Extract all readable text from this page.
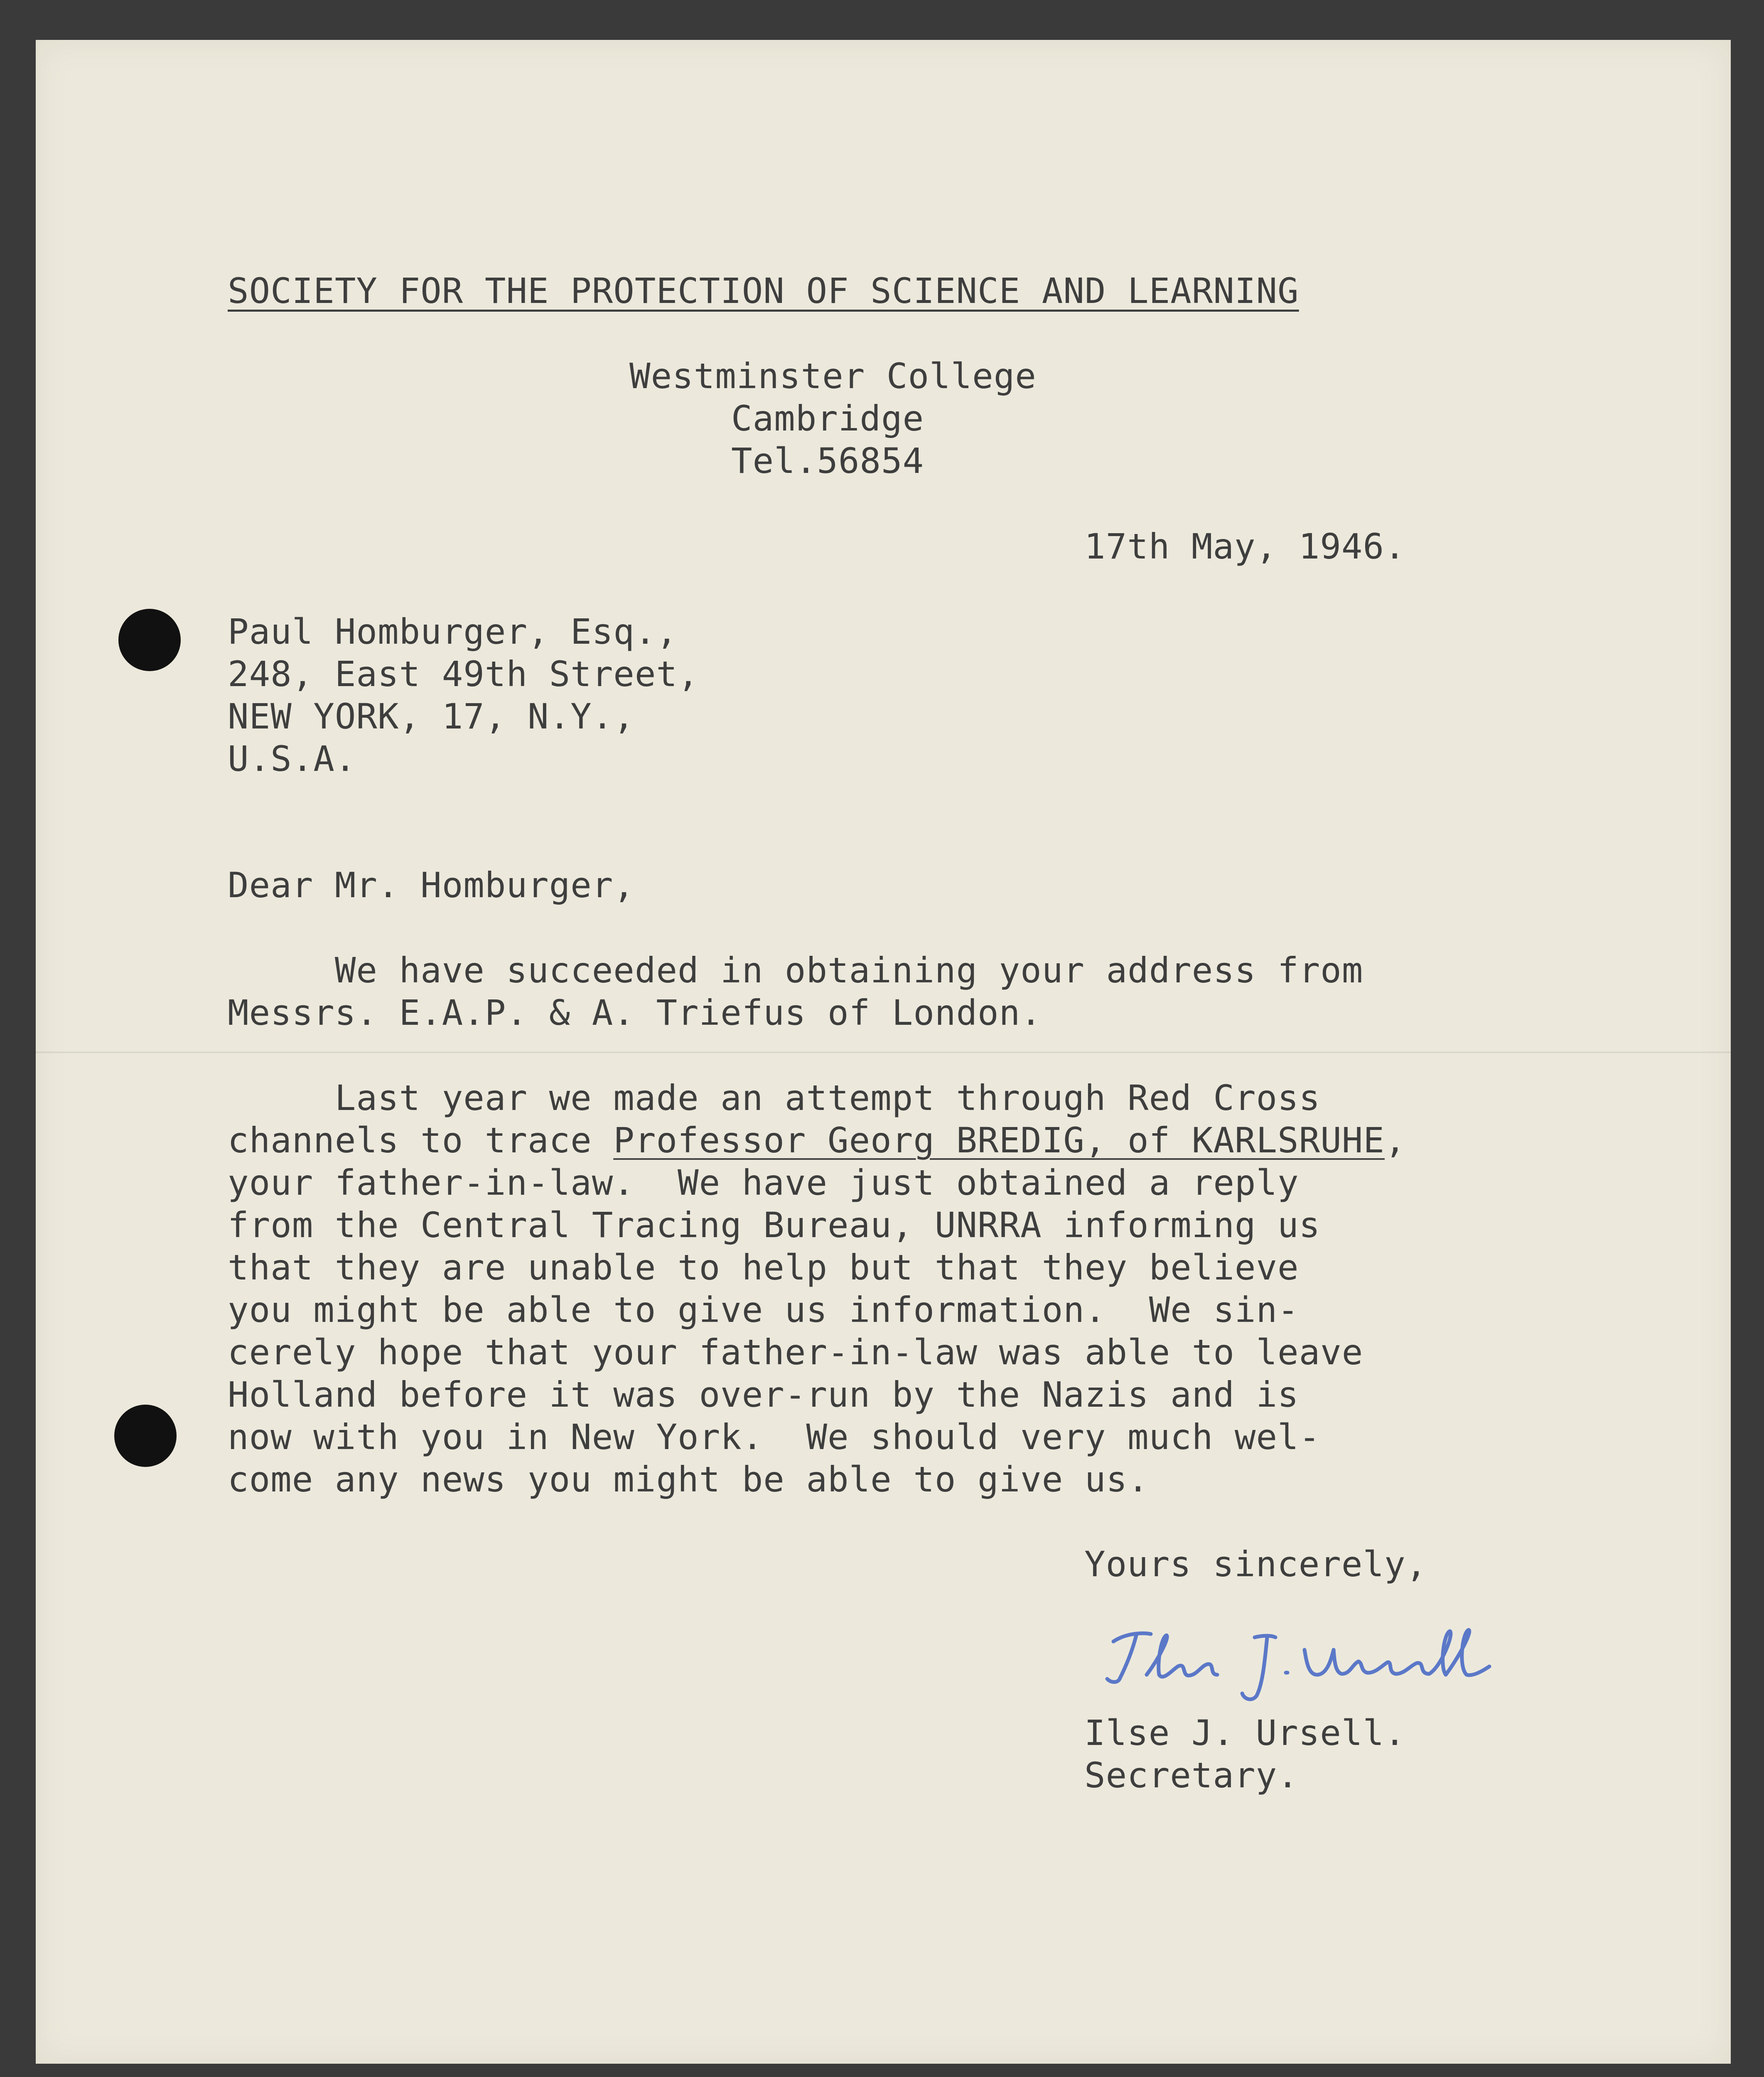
SOCIETY FOR THE PROTECTION OF SCIENCE AND LEARNING

Westminster College

Cambridge

Tel.56854

17th May, 1946.

Paul Homburger, Esq.,

248, East 49th Street,

NEW YORK, 17, N.Y.,

U.S.A.

Dear Mr. Homburger,

We have succeeded in obtaining your address from

Messrs. E.A.P. & A. Triefus of London.

Last year we made an attempt through Red Cross

channels to trace Professor Georg BREDIG, of KARLSRUHE,

your father-in-law.  We have just obtained a reply

from the Central Tracing Bureau, UNRRA informing us

that they are unable to help but that they believe

you might be able to give us information.  We sin-

cerely hope that your father-in-law was able to leave

Holland before it was over-run by the Nazis and is

now with you in New York.  We should very much wel-

come any news you might be able to give us.

Yours sincerely,

Ilse J. Ursell.

Secretary.
